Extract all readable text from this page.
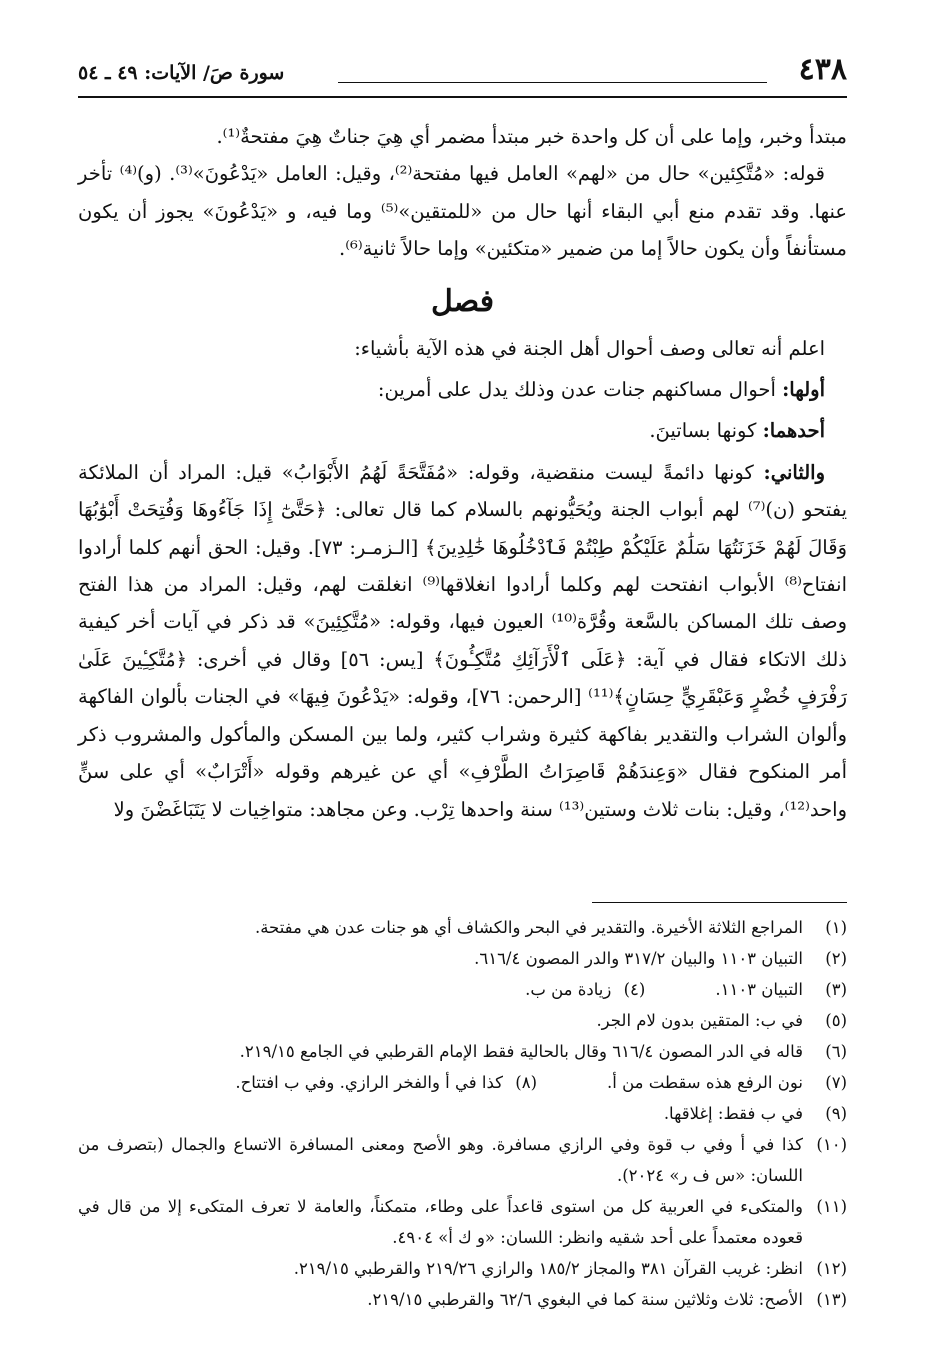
٤٣٨
سورة صَ/ الآيات: ٤٩ ـ ٥٤

مبتدأ وخبر، وإما على أن كل واحدة خبر مبتدأ مضمر أي هِيَ جناتٌ هِيَ مفتحةٌ⁽¹⁾.

قوله: «مُتَّكِئين» حال من «لهم» العامل فيها مفتحة⁽²⁾، وقيل: العامل «يَدْعُونَ»⁽³⁾. (و)⁽⁴⁾ تأخر عنها. وقد تقدم منع أبي البقاء أنها حال من «للمتقين»⁽⁵⁾ وما فيه، و «يَدْعُونَ» يجوز أن يكون مستأنفاً وأن يكون حالاً إما من ضمير «متكئين» وإما حالاً ثانية⁽⁶⁾.

فصل

اعلم أنه تعالى وصف أحوال أهل الجنة في هذه الآية بأشياء:

أولها: أحوال مساكنهم جنات عدن وذلك يدل على أمرين:

أحدهما: كونها بساتينَ.

والثاني: كونها دائمةً ليست منقضية، وقوله: «مُفَتَّحَةً لَهُمُ الأَبْوَابُ» قيل: المراد أن الملائكة يفتحو (ن)⁽⁷⁾ لهم أبواب الجنة ويُحَيُّونهم بالسلام كما قال تعالى: ﴿حَتَّىٰٓ إِذَا جَآءُوهَا وَفُتِحَتْ أَبْوَٰبُهَا وَقَالَ لَهُمْ خَزَنَتُهَا سَلَٰمٌ عَلَيْكُمْ طِبْتُمْ فَٱدْخُلُوهَا خَٰلِدِينَ﴾ [الـزمـر: ٧٣]. وقيل: الحق أنهم كلما أرادوا انفتاح⁽⁸⁾ الأبواب انفتحت لهم وكلما أرادوا انغلاقها⁽⁹⁾ انغلقت لهم، وقيل: المراد من هذا الفتح وصف تلك المساكن بالسَّعة وقُرَّة⁽¹⁰⁾ العيون فيها، وقوله: «مُتَّكِئِينَ» قد ذكر في آيات أخر كيفية ذلك الاتكاء فقال في آية: ﴿عَلَى ٱلْأَرَآئِكِ مُتَّكِـُٔونَ﴾ [يس: ٥٦] وقال في أخرى: ﴿مُتَّكِـِٔينَ عَلَىٰ رَفْرَفٍ خُضْرٍ وَعَبْقَرِيٍّ حِسَانٍ﴾⁽¹¹⁾ [الرحمن: ٧٦]، وقوله: «يَدْعُونَ فِيهَا» في الجنات بألوان الفاكهة وألوان الشراب والتقدير بفاكهة كثيرة وشراب كثير، ولما بين المسكن والمأكول والمشروب ذكر أمر المنكوح فقال «وَعِندَهُمْ قَاصِرَاتُ الطَّرْفِ» أي عن غيرهم وقوله «أَتْرَابٌ» أي على سنٍّ واحد⁽¹²⁾، وقيل: بنات ثلاث وستين⁽¹³⁾ سنة واحدها تِرْب. وعن مجاهد: متواخِيات لا يَتَبَاغَضْنَ ولا

(١)
المراجع الثلاثة الأخيرة. والتقدير في البحر والكشاف أي هو جنات عدن هي مفتحة.
(٢)
التبيان ١١٠٣ والبيان ٣١٧/٢ والدر المصون ٦١٦/٤.
(٣)
التبيان ١١٠٣.
(٤)
زيادة من ب.
(٥)
في ب: المتقين بدون لام الجر.
(٦)
قاله في الدر المصون ٦١٦/٤ وقال بالحالية فقط الإمام القرطبي في الجامع ٢١٩/١٥.
(٧)
نون الرفع هذه سقطت من أ.
(٨)
كذا في أ والفخر الرازي. وفي ب افتتاح.
(٩)
في ب فقط: إغلاقها.
(١٠)
كذا في أ وفي ب قوة وفي الرازي مسافرة. وهو الأصح ومعنى المسافرة الاتساع والجمال (بتصرف من اللسان: «س ف ر» ٢٠٢٤).
(١١)
والمتكىء في العربية كل من استوى قاعداً على وطاء، متمكناً، والعامة لا تعرف المتكىء إلا من قال في قعوده معتمداً على أحد شقيه وانظر: اللسان: «و ك أ» ٤٩٠٤.
(١٢)
انظر: غريب القرآن ٣٨١ والمجاز ١٨٥/٢ والرازي ٢١٩/٢٦ والقرطبي ٢١٩/١٥.
(١٣)
الأصح: ثلاث وثلاثين سنة كما في البغوي ٦٢/٦ والقرطبي ٢١٩/١٥.
